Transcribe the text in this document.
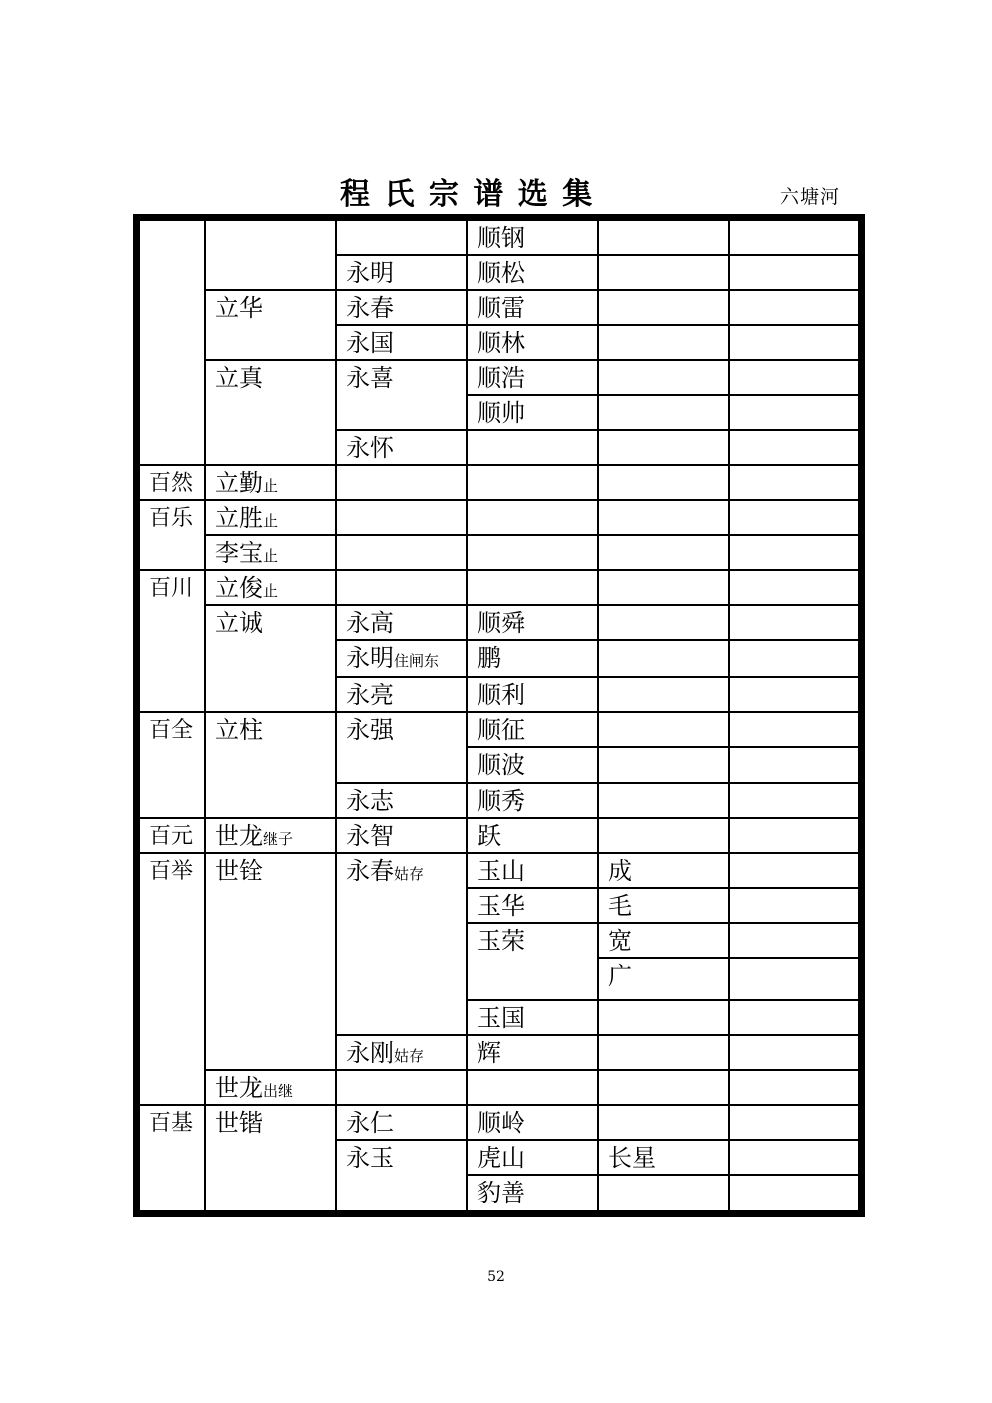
程 氏 宗 谱 选 集	六塘河
			顺钢		
		永明	顺松		
	立华	永春	顺雷		
		永国	顺林		
	立真	永喜	顺浩		
			顺帅		
		永怀			
百然	立勤止				
百乐	立胜止				
	李宝止				
百川	立俊止				
	立诚	永高	顺舜		
		永明住闸东	鹏		
		永亮	顺利		
百全	立柱	永强	顺征		
			顺波		
		永志	顺秀		
百元	世龙继子	永智	跃		
百举	世铨	永春姑存	玉山	成	
			玉华	毛	
			玉荣	宽	
				广	
			玉国		
		永刚姑存	辉		
	世龙出继				
百基	世锴	永仁	顺岭		
		永玉	虎山	长星	
			豹善		
52
